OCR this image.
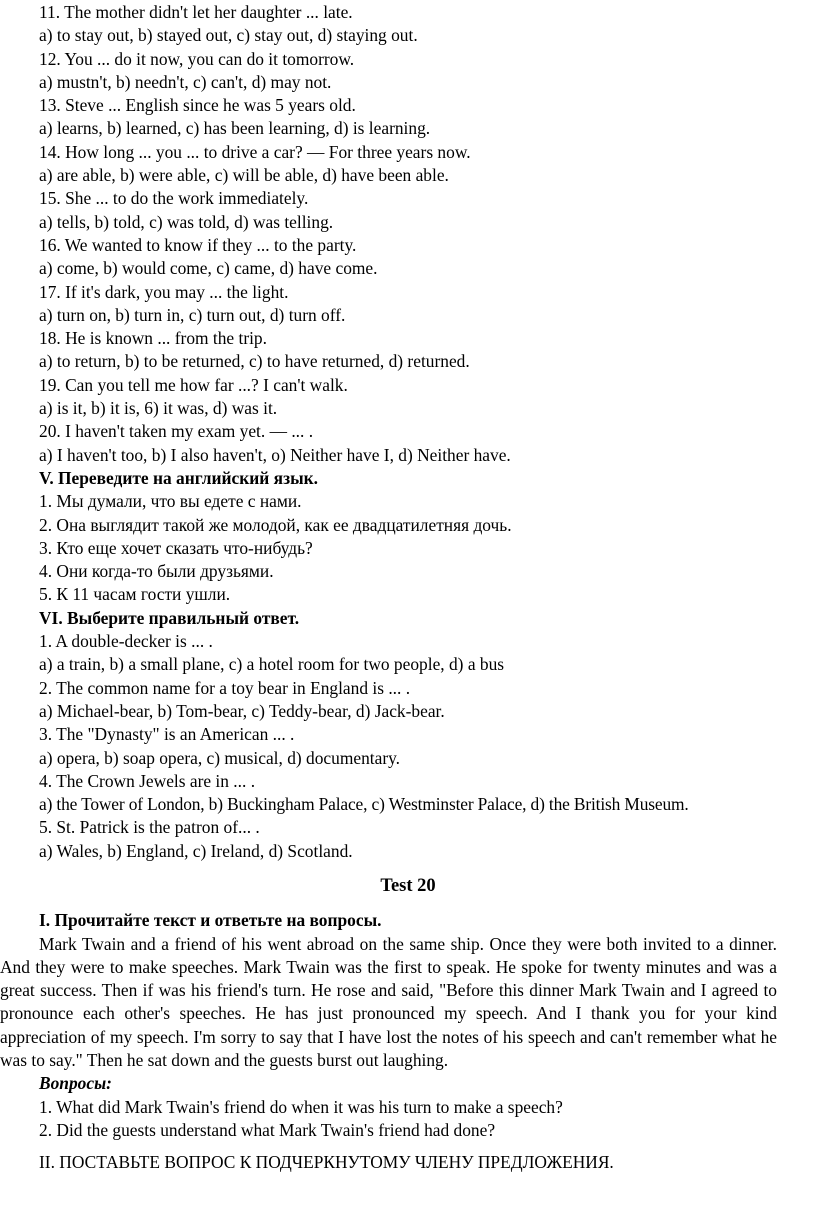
11. The mother didn't let her daughter ... late.
a) to stay out, b) stayed out, c) stay out, d) staying out.
12. You ... do it now, you can do it tomorrow.
a) mustn't, b) needn't, c) can't, d) may not.
13. Steve ... English since he was 5 years old.
a) learns, b) learned, c) has been learning, d) is learning.
14. How long ... you ... to drive a car? — For three years now.
a) are able, b) were able, c) will be able, d) have been able.
15. She ... to do the work immediately.
a) tells, b) told, c) was told, d) was telling.
16. We wanted to know if they ... to the party.
a) come, b) would come, c) came, d) have come.
17. If it's dark, you may ... the light.
a) turn on, b) turn in, c) turn out, d) turn off.
18. He is known ... from the trip.
a) to return, b) to be returned, c) to have returned, d) returned.
19. Can you tell me how far ...? I can't walk.
a) is it, b) it is, 6) it was, d) was it.
20. I haven't taken my exam yet. — ... .
a) I haven't too, b) I also haven't, o) Neither have I, d) Neither have.
V. Переведите на английский язык.
1. Мы думали, что вы едете с нами.
2. Она выглядит такой же молодой, как ее двадцатилетняя дочь.
3. Кто еще хочет сказать что-нибудь?
4. Они когда-то были друзьями.
5. К 11 часам гости ушли.
VI. Выберите правильный ответ.
1. A double-decker is ... .
a) a train, b) a small plane, c) a hotel room for two people, d) a bus
2. The common name for a toy bear in England is ... .
a) Michael-bear, b) Tom-bear, c) Teddy-bear, d) Jack-bear.
3. The "Dynasty" is an American ... .
a) opera, b) soap opera, c) musical, d) documentary.
4. The Crown Jewels are in ... .
a) the Tower of London, b) Buckingham Palace, c) Westminster Palace, d) the British Museum.
5. St. Patrick is the patron of... .
a) Wales, b) England, c) Ireland, d) Scotland.
Test 20
I. Прочитайте текст и ответьте на вопросы.

Mark Twain and a friend of his went abroad on the same ship. Once they were both invited to a dinner. And they were to make speeches. Mark Twain was the first to speak. He spoke for twenty minutes and was a great success. Then if was his friend's turn. He rose and said, "Before this dinner Mark Twain and I agreed to pronounce each other's speeches. He has just pronounced my speech. And I thank you for your kind appreciation of my speech. I'm sorry to say that I have lost the notes of his speech and can't remember what he was to say." Then he sat down and the guests burst out laughing.

Вопросы:
1. What did Mark Twain's friend do when it was his turn to make a speech?
2. Did the guests understand what Mark Twain's friend had done?
II. ПОСТАВЬТЕ ВОПРОС К ПОДЧЕРКНУТОМУ ЧЛЕНУ ПРЕДЛОЖЕНИЯ.
